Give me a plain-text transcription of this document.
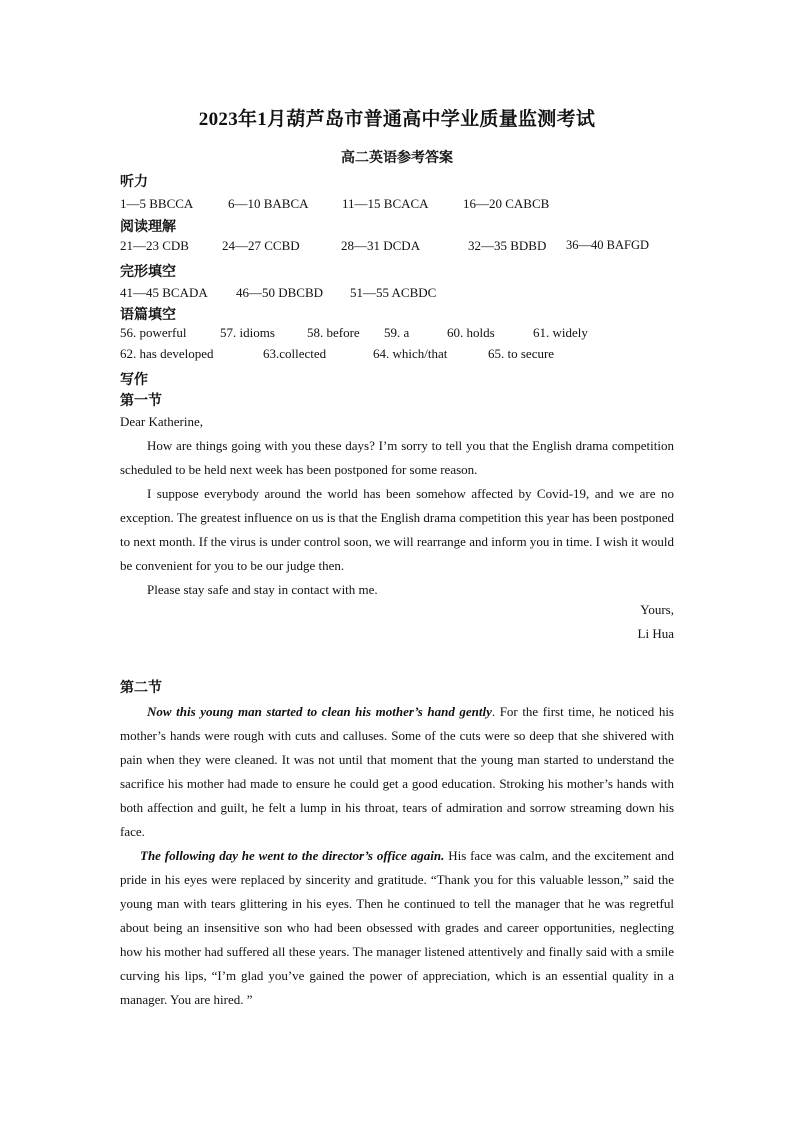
2023年1月葫芦岛市普通高中学业质量监测考试
高二英语参考答案
听力
1—5 BBCCA	6—10 BABCA	11—15 BCACA	16—20 CABCB
阅读理解
21—23 CDB	24—27 CCBD	28—31 DCDA	32—35 BDBD 36—40 BAFGD
完形填空
41—45 BCADA 46—50 DBCBD 51—55 ACBDC
语篇填空
56. powerful	57. idioms 58. before 59. a	60. holds	61. widely
62. has developed	63.collected	64. which/that	65. to secure
写作
第一节

Dear Katherine,

How are things going with you these days? I’m sorry to tell you that the English drama competition scheduled to be held next week has been postponed for some reason.

I suppose everybody around the world has been somehow affected by Covid-19, and we are no exception. The greatest influence on us is that the English drama competition this year has been postponed to next month. If the virus is under control soon, we will rearrange and inform you in time. I wish it would be convenient for you to be our judge then.

Please stay safe and stay in contact with me.

Yours,
Li Hua
第二节

Now this young man started to clean his mother’s hand gently. For the first time, he noticed his mother’s hands were rough with cuts and calluses. Some of the cuts were so deep that she shivered with pain when they were cleaned. It was not until that moment that the young man started to understand the sacrifice his mother had made to ensure he could get a good education. Stroking his mother’s hands with both affection and guilt, he felt a lump in his throat, tears of admiration and sorrow streaming down his face.

The following day he went to the director’s office again. His face was calm, and the excitement and pride in his eyes were replaced by sincerity and gratitude. “Thank you for this valuable lesson,” said the young man with tears glittering in his eyes. Then he continued to tell the manager that he was regretful about being an insensitive son who had been obsessed with grades and career opportunities, neglecting how his mother had suffered all these years. The manager listened attentively and finally said with a smile curving his lips, “I’m glad you’ve gained the power of appreciation, which is an essential quality in a manager. You are hired. ”
